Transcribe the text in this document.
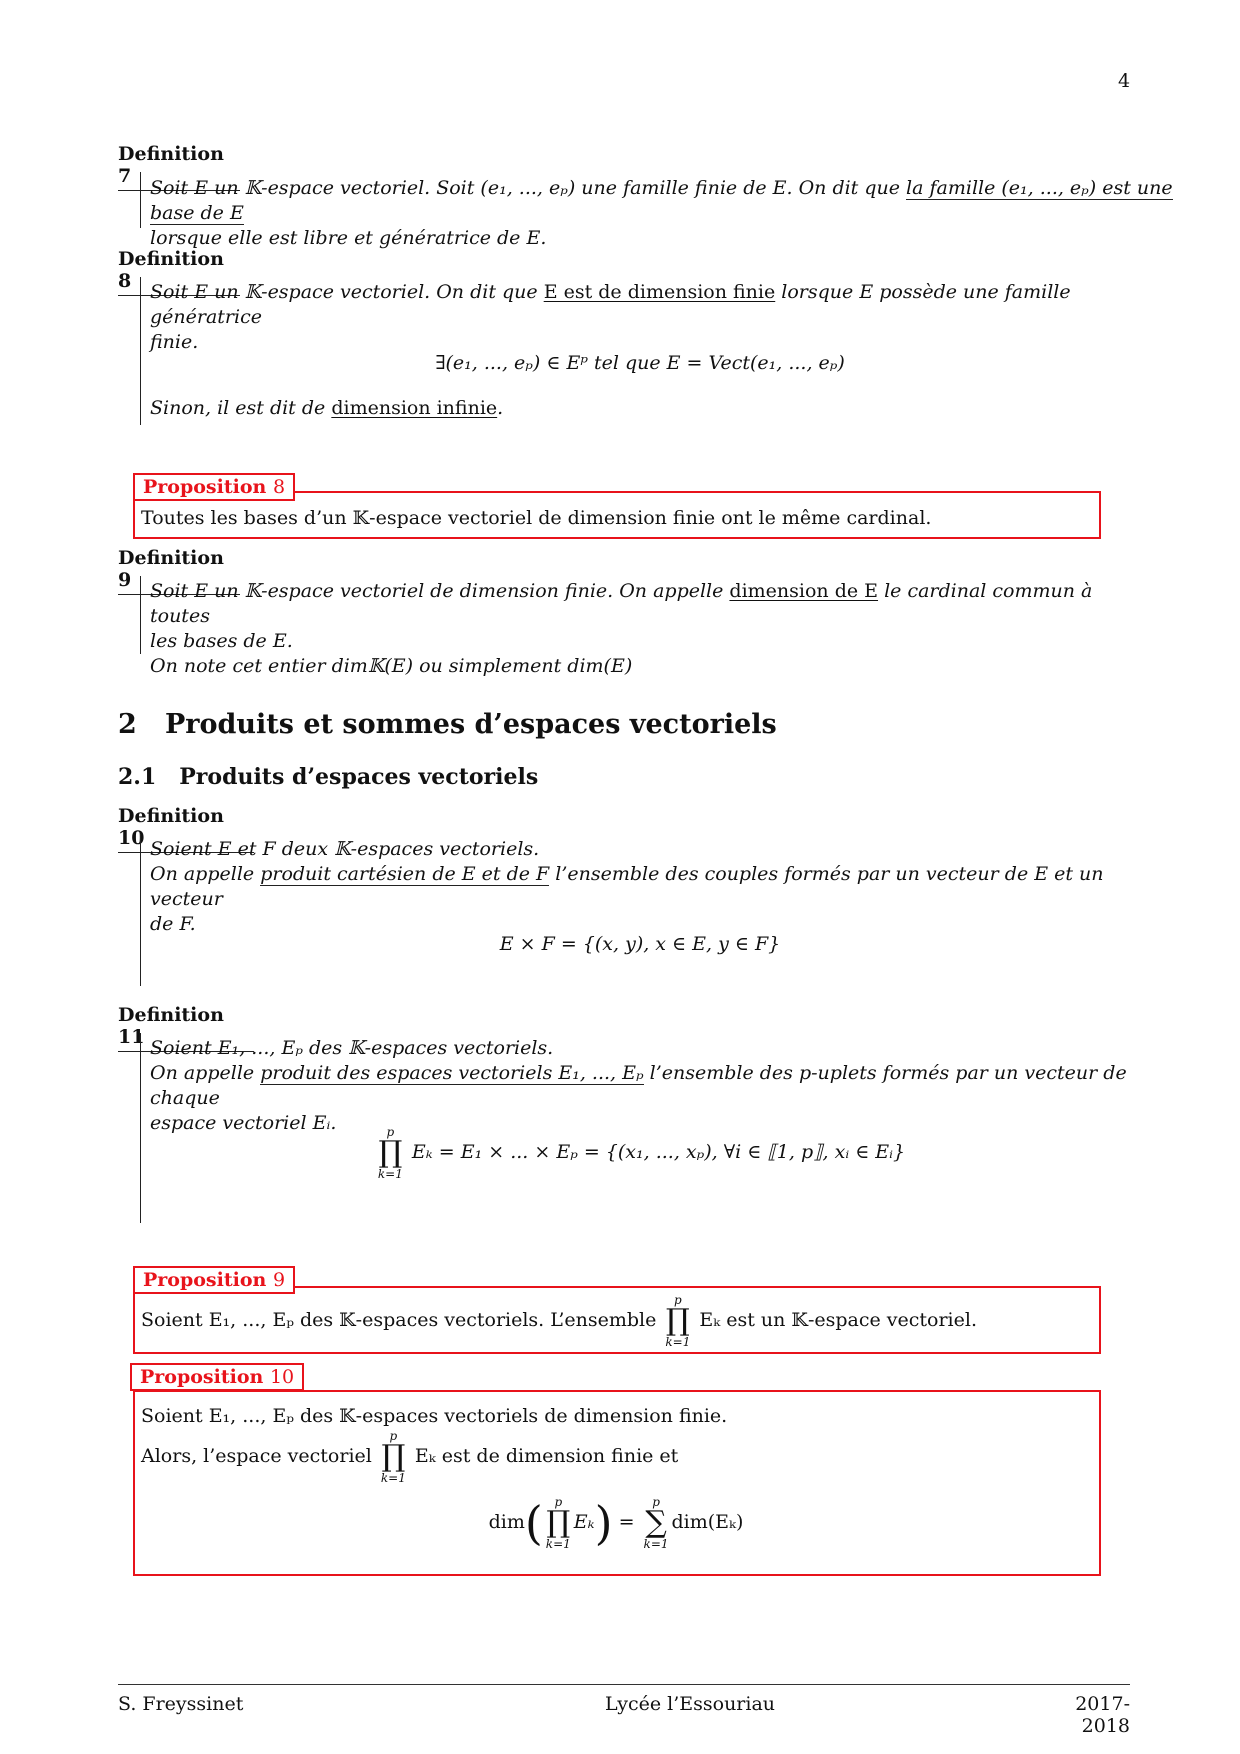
4
Definition 7
Soit E un 𝕂-espace vectoriel. Soit (e₁, ..., eₚ) une famille finie de E. On dit que la famille (e₁, ..., eₚ) est une base de E
lorsque elle est libre et génératrice de E.
Definition 8 Soit E un 𝕂-espace vectoriel. On dit que E est de dimension finie lorsque E possède une famille génératrice
finie.
∃(e₁, ..., eₚ) ∈ Eᵖ tel que E = Vect(e₁, ..., eₚ)
Sinon, il est dit de dimension infinie.
Proposition 8
Toutes les bases d’un 𝕂-espace vectoriel de dimension finie ont le même cardinal.
Definition 9 Soit E un 𝕂-espace vectoriel de dimension finie. On appelle dimension de E le cardinal commun à toutes
les bases de E.
On note cet entier dim𝕂(E) ou simplement dim(E)
2 Produits et sommes d’espaces vectoriels
2.1 Produits d’espaces vectoriels
Definition 10 Soient E et F deux 𝕂-espaces vectoriels.
On appelle produit cartésien de E et de F l’ensemble des couples formés par un vecteur de E et un vecteur
de F.
E × F = {(x, y), x ∈ E, y ∈ F}
Definition 11 Soient E₁, ..., Eₚ des 𝕂-espaces vectoriels.
On appelle produit des espaces vectoriels E₁, ..., Eₚ l’ensemble des p-uplets formés par un vecteur de chaque
espace vectoriel Eᵢ.	p
∏
k=1
Eₖ = E₁ × ... × Eₚ = {(x₁, ..., xₚ), ∀i ∈ ⟦1, p⟧, xᵢ ∈ Eᵢ}
Proposition 9
Soient E₁, ..., Eₚ des 𝕂-espaces vectoriels. L’ensemble
p
∏
k=1
Eₖ est un 𝕂-espace vectoriel.
Proposition 10
Soient E₁, ..., Eₚ des 𝕂-espaces vectoriels de dimension finie.
Alors, l’espace vectoriel
p
∏
k=1
Eₖ est de dimension finie et
dim( p
∏
k=1
Eₖ) =
p
∑
k=1
dim(Eₖ)
S. Freyssinet	Lycée l’Essouriau	2017-2018
